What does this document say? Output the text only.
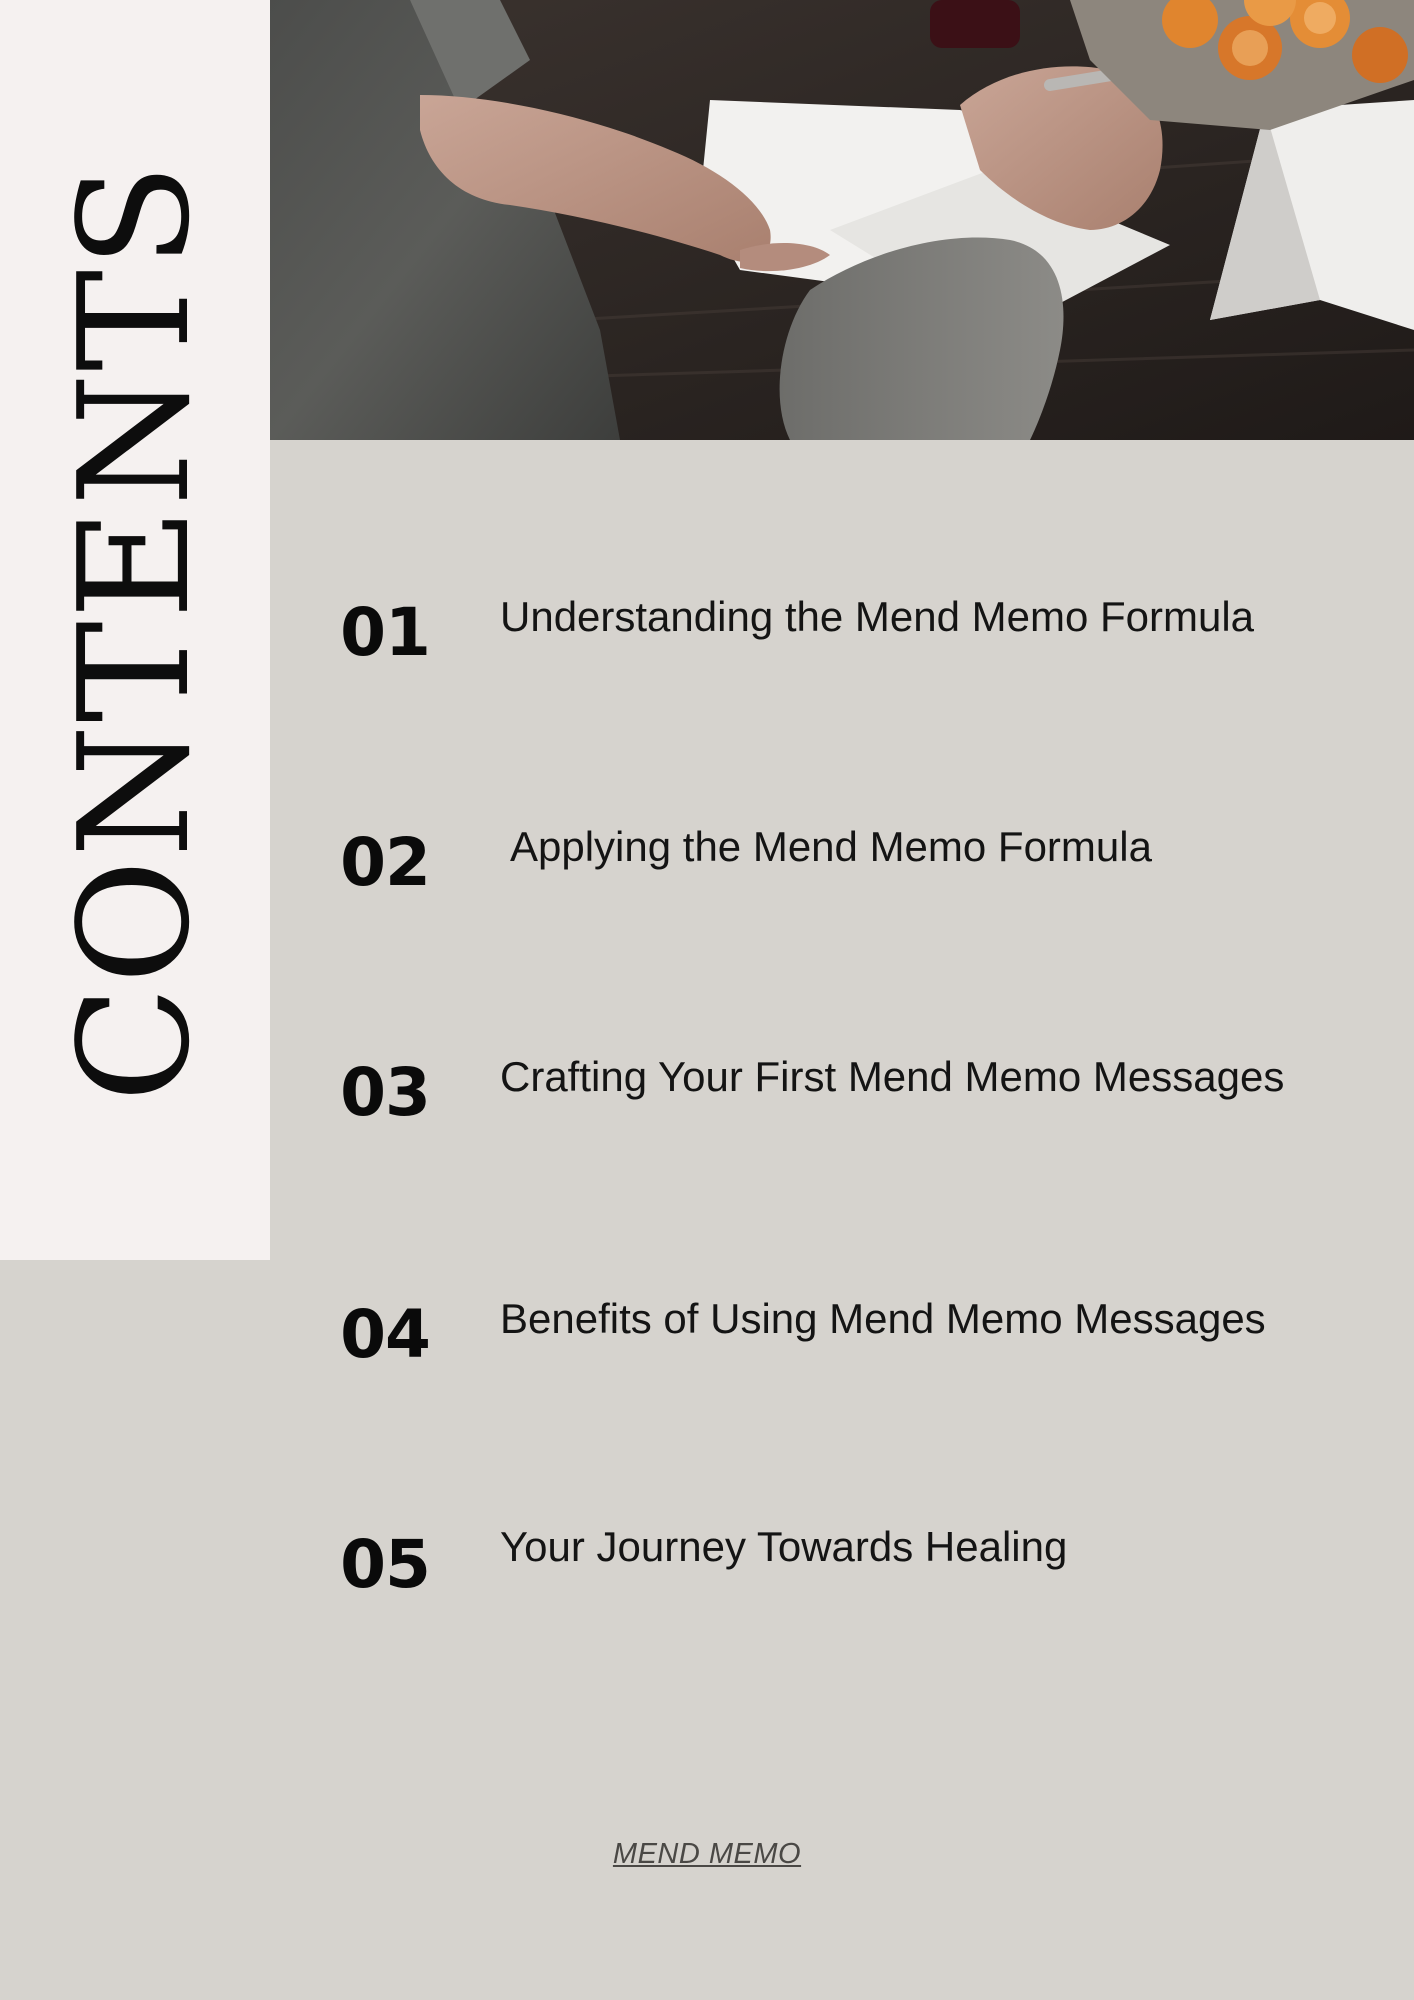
CONTENTS	01	Understanding the Mend Memo Formula
02	Applying the Mend Memo Formula
03	Crafting Your First Mend Memo Messages
04	Benefits of Using Mend Memo Messages
05	Your Journey Towards Healing
MEND MEMO
